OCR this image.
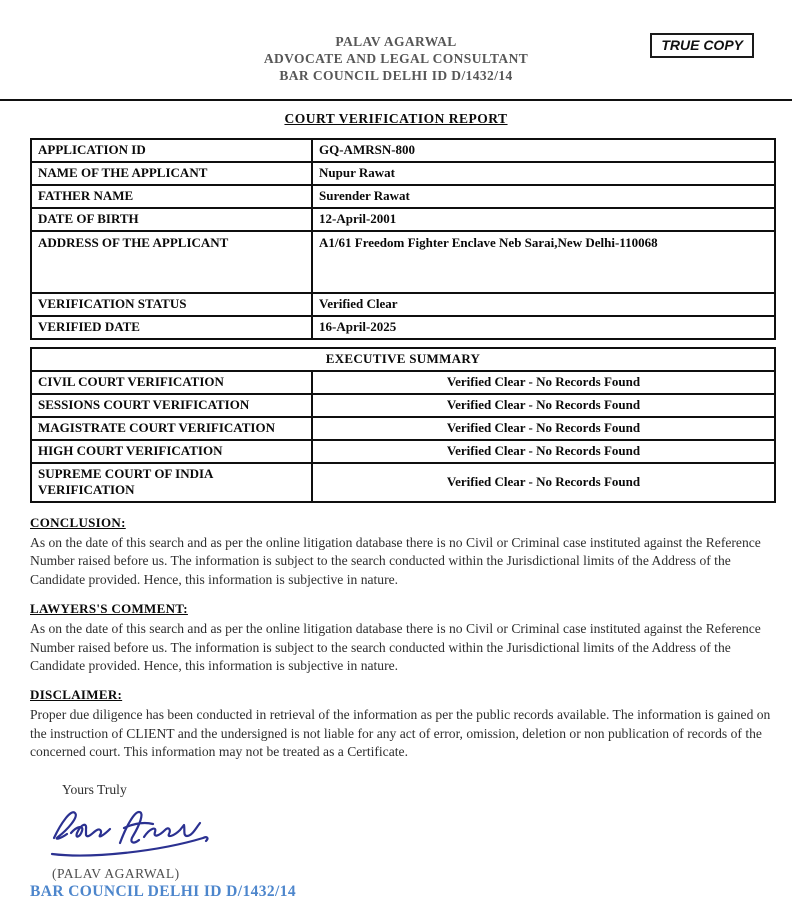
PALAV AGARWAL
ADVOCATE AND LEGAL CONSULTANT
BAR COUNCIL DELHI ID D/1432/14
TRUE COPY
COURT VERIFICATION REPORT
APPLICATION ID	GQ-AMRSN-800
NAME OF THE APPLICANT	Nupur Rawat
FATHER NAME	Surender Rawat
DATE OF BIRTH	12-April-2001
ADDRESS OF THE APPLICANT	A1/61 Freedom Fighter Enclave Neb Sarai,New Delhi-110068
VERIFICATION STATUS	Verified Clear
VERIFIED DATE	16-April-2025
EXECUTIVE SUMMARY	
CIVIL COURT VERIFICATION	Verified Clear - No Records Found
SESSIONS COURT VERIFICATION	Verified Clear - No Records Found
MAGISTRATE COURT VERIFICATION	Verified Clear - No Records Found
HIGH COURT VERIFICATION	Verified Clear - No Records Found
SUPREME COURT OF INDIA VERIFICATION	Verified Clear - No Records Found
CONCLUSION:
As on the date of this search and as per the online litigation database there is no Civil or Criminal case instituted against the Reference Number raised before us. The information is subject to the search conducted within the Jurisdictional limits of the Address of the Candidate provided. Hence, this information is subjective in nature.
LAWYERS'S COMMENT:
As on the date of this search and as per the online litigation database there is no Civil or Criminal case instituted against the Reference Number raised before us. The information is subject to the search conducted within the Jurisdictional limits of the Address of the Candidate provided. Hence, this information is subjective in nature.
DISCLAIMER:
Proper due diligence has been conducted in retrieval of the information as per the public records available. The information is gained on the instruction of CLIENT and the undersigned is not liable for any act of error, omission, deletion or non publication of records of the concerned court. This information may not be treated as a Certificate.
Yours Truly
(PALAV AGARWAL)
BAR COUNCIL DELHI ID D/1432/14
